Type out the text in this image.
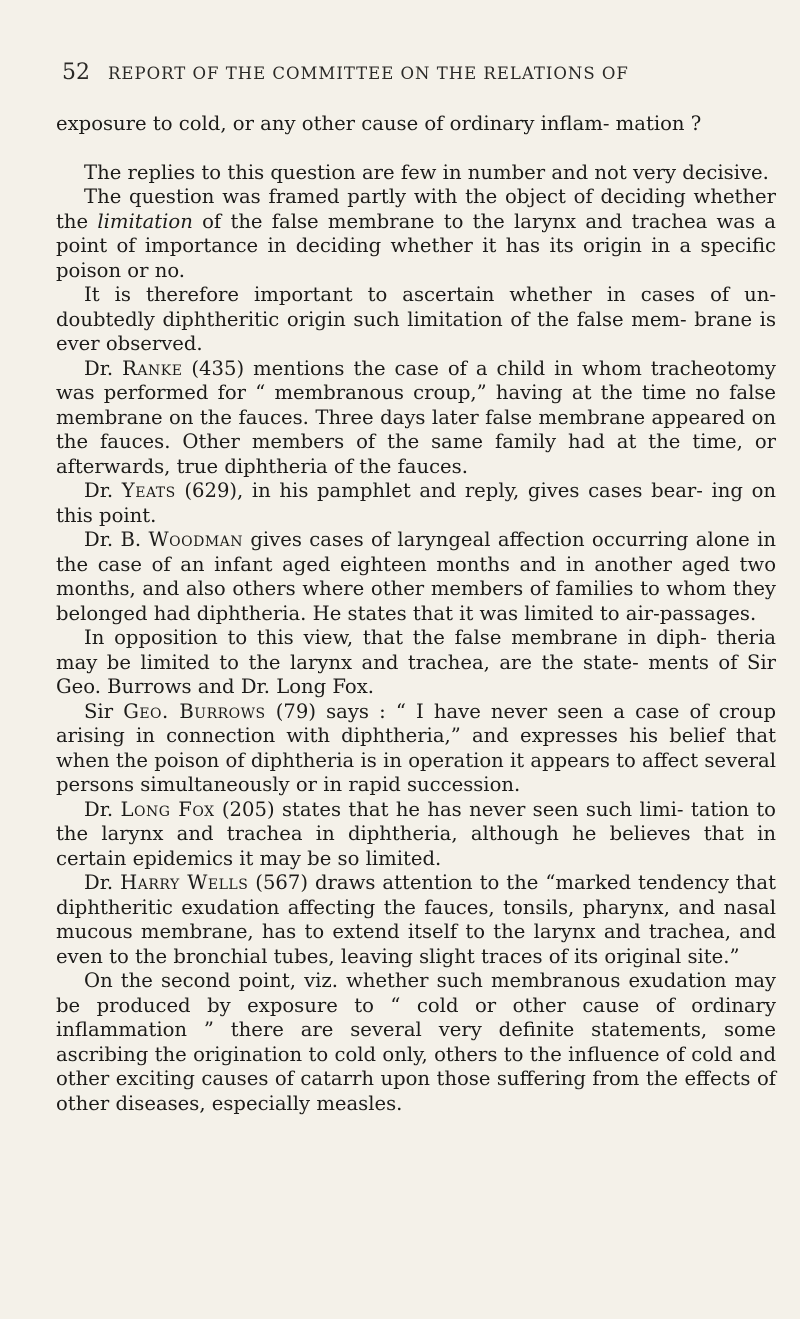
52 REPORT OF THE COMMITTEE ON THE RELATIONS OF

exposure to cold, or any other cause of ordinary inflam- mation ?

The replies to this question are few in number and not very decisive.

The question was framed partly with the object of deciding whether the limitation of the false membrane to the larynx and trachea was a point of importance in deciding whether it has its origin in a specific poison or no.

It is therefore important to ascertain whether in cases of un- doubtedly diphtheritic origin such limitation of the false mem- brane is ever observed.

Dr. Ranke (435) mentions the case of a child in whom tracheotomy was performed for “ membranous croup,” having at the time no false membrane on the fauces. Three days later false membrane appeared on the fauces. Other members of the same family had at the time, or afterwards, true diphtheria of the fauces.

Dr. Yeats (629), in his pamphlet and reply, gives cases bear- ing on this point.

Dr. B. Woodman gives cases of laryngeal affection occurring alone in the case of an infant aged eighteen months and in another aged two months, and also others where other members of families to whom they belonged had diphtheria. He states that it was limited to air-passages.

In opposition to this view, that the false membrane in diph- theria may be limited to the larynx and trachea, are the state- ments of Sir Geo. Burrows and Dr. Long Fox.

Sir Geo. Burrows (79) says : “ I have never seen a case of croup arising in connection with diphtheria,” and expresses his belief that when the poison of diphtheria is in operation it appears to affect several persons simultaneously or in rapid succession.

Dr. Long Fox (205) states that he has never seen such limi- tation to the larynx and trachea in diphtheria, although he believes that in certain epidemics it may be so limited.

Dr. Harry Wells (567) draws attention to the “marked tendency that diphtheritic exudation affecting the fauces, tonsils, pharynx, and nasal mucous membrane, has to extend itself to the larynx and trachea, and even to the bronchial tubes, leaving slight traces of its original site.”

On the second point, viz. whether such membranous exudation may be produced by exposure to “ cold or other cause of ordinary inflammation ” there are several very definite statements, some ascribing the origination to cold only, others to the influence of cold and other exciting causes of catarrh upon those suffering from the effects of other diseases, especially measles.
